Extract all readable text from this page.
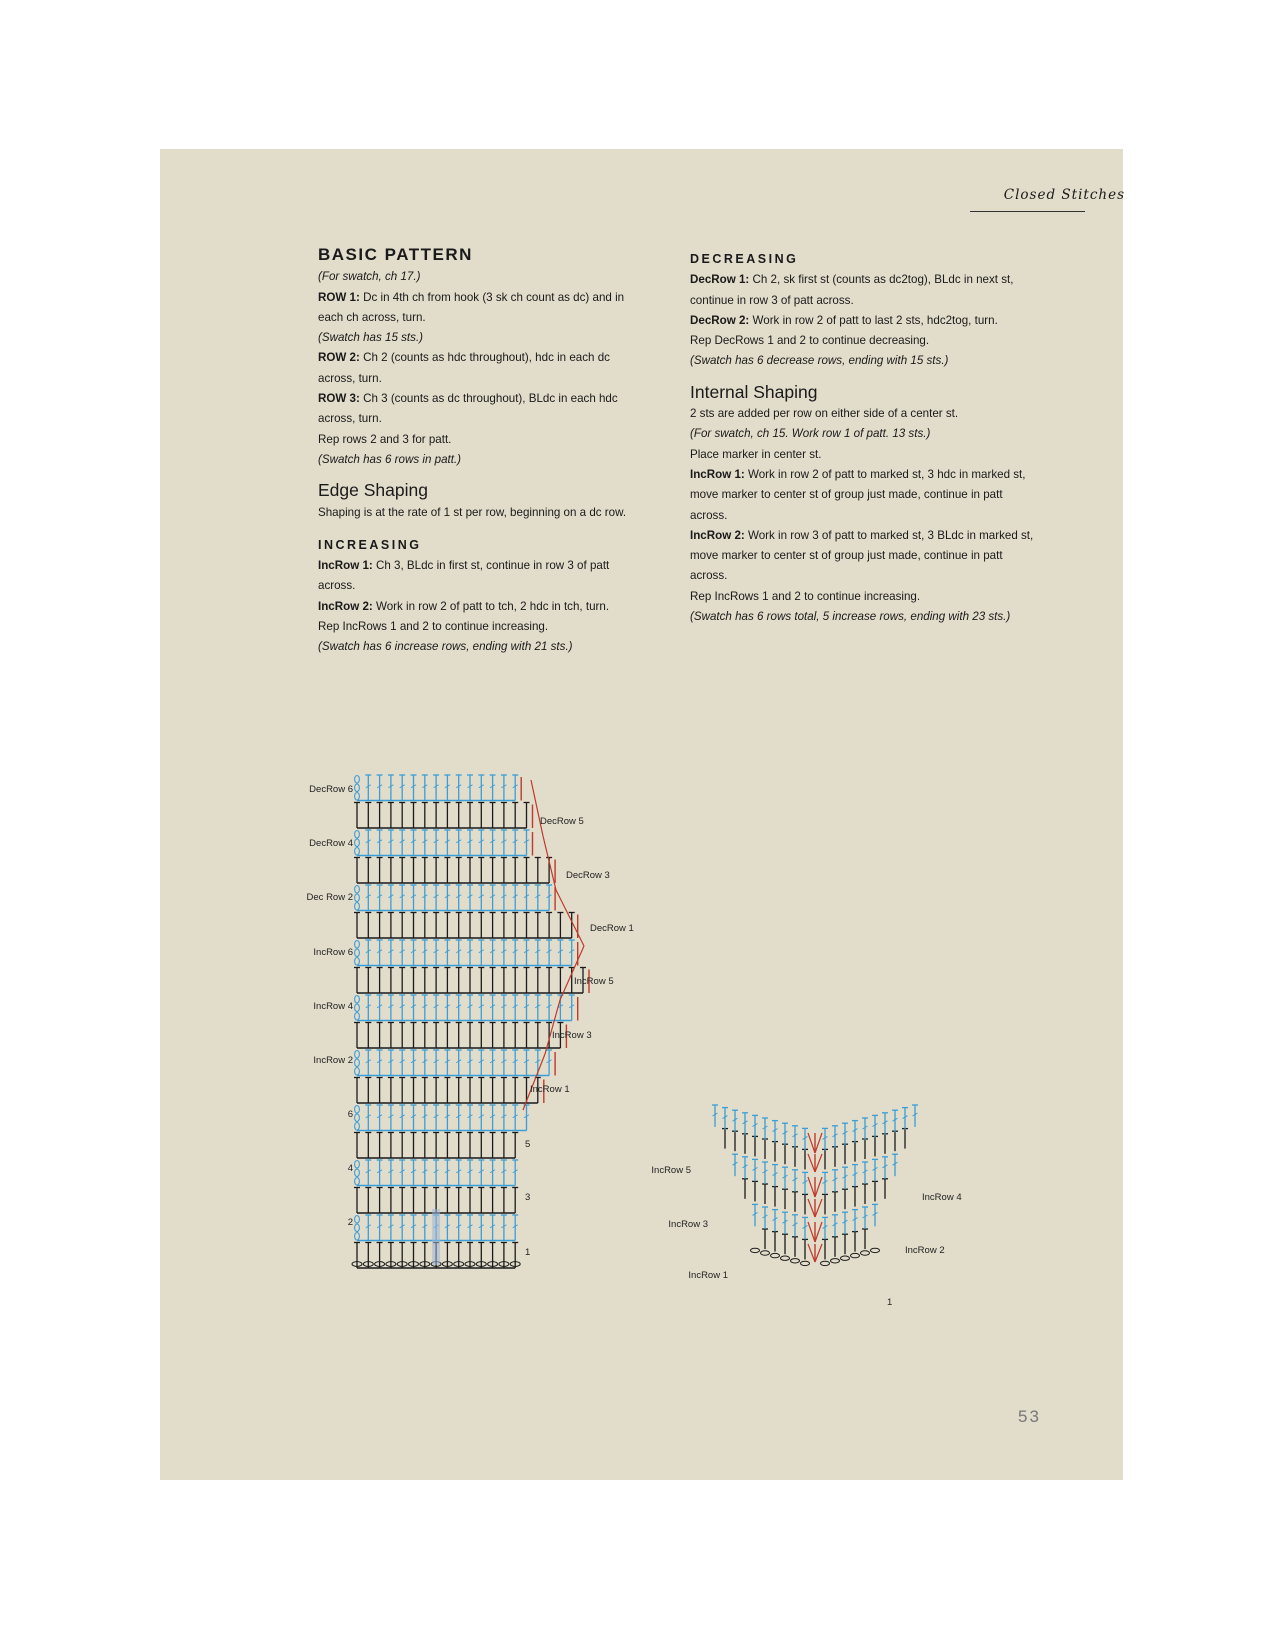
Closed Stitches
BASIC PATTERN

(For swatch, ch 17.)

ROW 1: Dc in 4th ch from hook (3 sk ch count as dc) and in each ch across, turn.

(Swatch has 15 sts.)

ROW 2: Ch 2 (counts as hdc throughout), hdc in each dc across, turn.

ROW 3: Ch 3 (counts as dc throughout), BLdc in each hdc across, turn.

Rep rows 2 and 3 for patt.

(Swatch has 6 rows in patt.)

Edge Shaping

Shaping is at the rate of 1 st per row, beginning on a dc row.

INCREASING

IncRow 1: Ch 3, BLdc in first st, continue in row 3 of patt across.

IncRow 2: Work in row 2 of patt to tch, 2 hdc in tch, turn.

Rep IncRows 1 and 2 to continue increasing.

(Swatch has 6 increase rows, ending with 21 sts.)

DECREASING

DecRow 1: Ch 2, sk first st (counts as dc2tog), BLdc in next st, continue in row 3 of patt across.

DecRow 2: Work in row 2 of patt to last 2 sts, hdc2tog, turn.

Rep DecRows 1 and 2 to continue decreasing.

(Swatch has 6 decrease rows, ending with 15 sts.)

Internal Shaping

2 sts are added per row on either side of a center st.

(For swatch, ch 15. Work row 1 of patt. 13 sts.)

Place marker in center st.

IncRow 1: Work in row 2 of patt to marked st, 3 hdc in marked st, move marker to center st of group just made, continue in patt across.

IncRow 2: Work in row 3 of patt to marked st, 3 BLdc in marked st, move marker to center st of group just made, continue in patt across.

Rep IncRows 1 and 2 to continue increasing.

(Swatch has 6 rows total, 5 increase rows, ending with 23 sts.)

DecRow 6
DecRow 4
Dec Row 2
IncRow 6
IncRow 4
IncRow 2
6
4
2
DecRow 5
DecRow 3
DecRow 1
IncRow 5
IncRow 3
IncRow 1
5
3
1
IncRow 5
IncRow 3
IncRow 1
IncRow 4
IncRow 2
1
53
